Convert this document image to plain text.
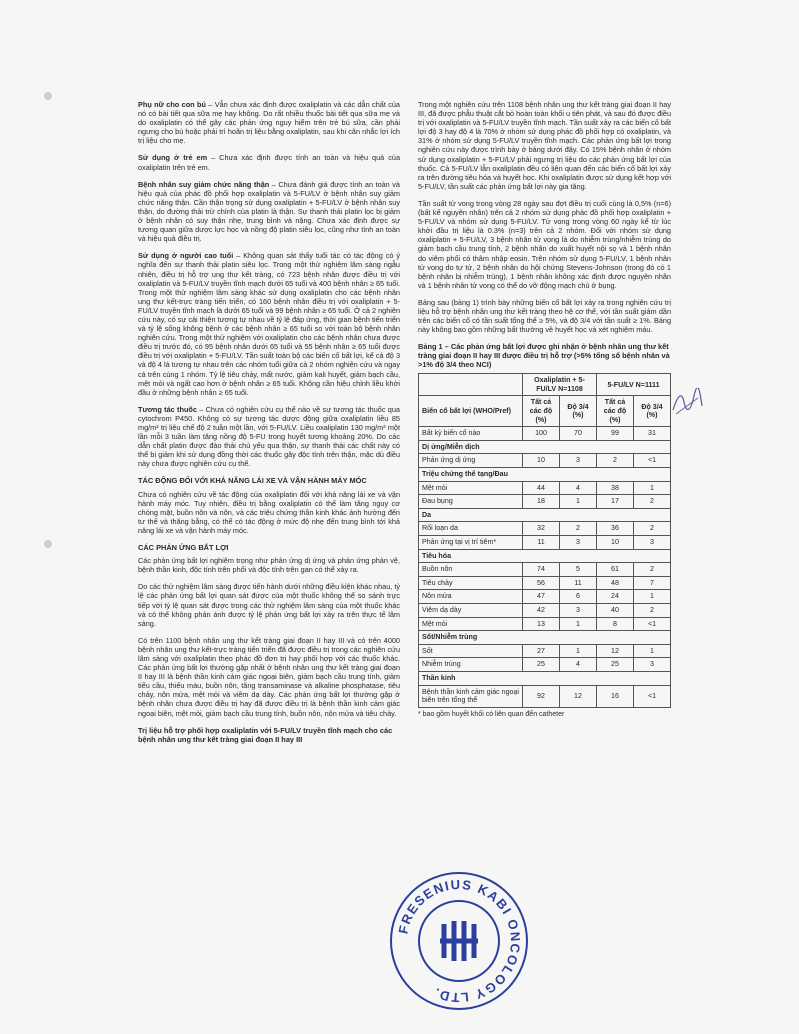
Phụ nữ cho con bú – Vẫn chưa xác định được oxaliplatin và các dẫn chất của nó có bài tiết qua sữa mẹ hay không. Do rất nhiều thuốc bài tiết qua sữa mẹ và do oxaliplatin có thể gây các phản ứng nguy hiểm trên trẻ bú sữa, cần phải ngưng cho bú hoặc phải trì hoãn trị liệu bằng oxaliplatin, sau khi cân nhắc lợi ích trị liệu cho mẹ.

Sử dụng ở trẻ em – Chưa xác định được tính an toàn và hiệu quả của oxaliplatin trên trẻ em.

Bệnh nhân suy giảm chức năng thận – Chưa đánh giá được tính an toàn và hiệu quả của phác đồ phối hợp oxaliplatin và 5-FU/LV ở bệnh nhân suy giảm chức năng thận. Cần thận trọng sử dụng oxaliplatin + 5-FU/LV ở bệnh nhân suy thận, do đường thải trừ chính của platin là thận. Sự thanh thải platin lọc bị giảm ở bệnh nhân có suy thận nhẹ, trung bình và nặng. Chưa xác định được sự tương quan giữa dược lực học và nồng độ platin siêu lọc, cũng như tính an toàn và hiệu quả điều trị.

Sử dụng ở người cao tuổi – Không quan sát thấy tuổi tác có tác động có ý nghĩa đến sự thanh thải platin siêu lọc. Trong một thử nghiệm lâm sàng ngẫu nhiên, điều trị hỗ trợ ung thư kết tràng, có 723 bệnh nhân được điều trị với oxaliplatin và 5-FU/LV truyền tĩnh mạch dưới 65 tuổi và 400 bệnh nhân ≥ 65 tuổi. Trong một thử nghiệm lâm sàng khác sử dụng oxaliplatin cho các bệnh nhân ung thư kết-trực tràng tiến triển, có 160 bệnh nhân điều trị với oxaliplatin + 5-FU/LV truyền tĩnh mạch là dưới 65 tuổi và 99 bệnh nhân ≥ 65 tuổi. Ở cả 2 nghiên cứu này, có sự cải thiện tương tự nhau về tỷ lệ đáp ứng, thời gian bệnh tiến triển và tỷ lệ sống không bệnh ở các bệnh nhân ≥ 65 tuổi so với toàn bộ bệnh nhân nghiên cứu. Trong một thử nghiệm với oxaliplatin cho các bệnh nhân chưa được điều trị trước đó, có 95 bệnh nhân dưới 65 tuổi và 55 bệnh nhân ≥ 65 tuổi được điều trị với oxaliplatin + 5-FU/LV. Tần suất toàn bộ các biến cố bất lợi, kể cả độ 3 và độ 4 là tương tự nhau trên các nhóm tuổi giữa cả 2 nhóm nghiên cứu và ngay cả trên cùng 1 nhóm. Tỷ lệ tiêu chảy, mất nước, giảm kali huyết, giảm bạch cầu, mệt mỏi và ngất cao hơn ở bệnh nhân ≥ 65 tuổi. Không cần hiệu chỉnh liều khởi đầu ở những bệnh nhân ≥ 65 tuổi.

Tương tác thuốc – Chưa có nghiên cứu cụ thể nào về sự tương tác thuốc qua cytochrom P450. Không có sự tương tác dược động giữa oxaliplatin liều 85 mg/m² trị liệu chế độ 2 tuần một lần, với 5-FU/LV. Liều oxaliplatin 130 mg/m² một lần mỗi 3 tuần làm tăng nồng độ 5-FU trong huyết tương khoảng 20%. Do các dẫn chất platin được đào thải chủ yếu qua thận, sự thanh thải các chất này có thể bị giảm khi sử dụng đồng thời các thuốc gây độc tính trên thận, mặc dù điều này chưa được nghiên cứu cụ thể.

TÁC ĐỘNG ĐỐI VỚI KHẢ NĂNG LÁI XE VÀ VẬN HÀNH MÁY MÓC

Chưa có nghiên cứu về tác động của oxaliplatin đối với khả năng lái xe và vận hành máy móc. Tuy nhiên, điều trị bằng oxaliplatin có thể làm tăng nguy cơ chóng mặt, buồn nôn và nôn, và các triệu chứng thần kinh khác ảnh hưởng đến tư thế và thăng bằng, có thể có tác động ở mức độ nhẹ đến trung bình tới khả năng lái xe và vận hành máy móc.

CÁC PHẢN ỨNG BẤT LỢI

Các phản ứng bất lợi nghiêm trọng như phản ứng dị ứng và phản ứng phản vệ, bệnh thần kinh, độc tính trên phổi và độc tính trên gan có thể xảy ra.

Do các thử nghiệm lâm sàng được tiến hành dưới những điều kiện khác nhau, tỷ lệ các phản ứng bất lợi quan sát được của một thuốc không thể so sánh trực tiếp với tỷ lệ quan sát được trong các thử nghiệm lâm sàng của một thuốc khác và có thể không phản ánh được tỷ lệ phản ứng bất lợi xảy ra trên thực tế lâm sàng.

Có trên 1100 bệnh nhân ung thư kết tràng giai đoạn II hay III và có trên 4000 bệnh nhân ung thư kết-trực tràng tiến triển đã được điều trị trong các nghiên cứu lâm sàng với oxaliplatin theo phác đồ đơn trị hay phối hợp với các thuốc khác. Các phản ứng bất lợi thường gặp nhất ở bệnh nhân ung thư kết tràng giai đoạn II hay III là bệnh thần kinh cảm giác ngoại biên, giảm bạch cầu trung tính, giảm tiểu cầu, thiếu máu, buồn nôn, tăng transaminase và alkaline phosphatase, tiêu chảy, nôn mửa, mệt mỏi và viêm dạ dày. Các phản ứng bất lợi thường gặp ở bệnh nhân chưa được điều trị hay đã được điều trị là bệnh thần kinh cảm giác ngoại biên, mệt mỏi, giảm bạch cầu trung tính, buồn nôn, nôn mửa và tiêu chảy.

Trị liệu hỗ trợ phối hợp oxaliplatin với 5-FU/LV truyền tĩnh mạch cho các bệnh nhân ung thư kết tràng giai đoạn II hay III

Trong một nghiên cứu trên 1108 bệnh nhân ung thư kết tràng giai đoạn II hay III, đã được phẫu thuật cắt bỏ hoàn toàn khối u tiên phát, và sau đó được điều trị với oxaliplatin và 5-FU/LV truyền tĩnh mạch. Tần suất xảy ra các biến cố bất lợi độ 3 hay độ 4 là 70% ở nhóm sử dụng phác đồ phối hợp có oxaliplatin, và 31% ở nhóm sử dụng 5-FU/LV truyền tĩnh mạch. Các phản ứng bất lợi trong nghiên cứu này được trình bày ở bảng dưới đây. Có 15% bệnh nhân ở nhóm sử dụng oxaliplatin + 5-FU/LV phải ngưng trị liệu do các phản ứng bất lợi của thuốc. Cả 5-FU/LV lẫn oxaliplatin đều có liên quan đến các biến cố bất lợi xảy ra trên đường tiêu hóa và huyết học. Khi oxaliplatin được sử dụng kết hợp với 5-FU/LV, tần suất các phản ứng bất lợi này gia tăng.

Tần suất tử vong trong vòng 28 ngày sau đợt điều trị cuối cùng là 0,5% (n=6) (bất kể nguyên nhân) trên cả 2 nhóm sử dụng phác đồ phối hợp oxaliplatin + 5-FU/LV và nhóm sử dụng 5-FU/LV. Tử vong trong vòng 60 ngày kể từ lúc khởi đầu trị liệu là 0.3% (n=3) trên cả 2 nhóm. Đối với nhóm sử dụng oxaliplatin + 5-FU/LV, 3 bệnh nhân tử vong là do nhiễm trùng/nhiễm trùng do giảm bạch cầu trung tính, 2 bệnh nhân do xuất huyết nội sọ và 1 bệnh nhân do viêm phổi có thâm nhập eosin. Trên nhóm sử dụng 5-FU/LV, 1 bệnh nhân tử vong do tự tử, 2 bệnh nhân do hội chứng Stevens-Johnson (trong đó có 1 bệnh nhân bị nhiễm trùng), 1 bệnh nhân không xác định được nguyên nhân và 1 bệnh nhân tử vong có thể do vỡ động mạch chủ ở bụng.

Bảng sau (bảng 1) trình bày những biến cố bất lợi xảy ra trong nghiên cứu trị liệu hỗ trợ bệnh nhân ung thư kết tràng theo hệ cơ thể, với tần suất giảm dần trên các biến cố có tần suất tổng thể ≥ 5%, và độ 3/4 với tần suất ≥ 1%. Bảng này không bao gồm những bất thường về huyết học và xét nghiệm máu.

Bảng 1 – Các phản ứng bất lợi được ghi nhận ở bệnh nhân ung thư kết tràng giai đoạn II hay III được điều trị hỗ trợ (>5% tổng số bệnh nhân và >1% độ 3/4 theo NCI)
	Oxaliplatin + 5-FU/LV N=1108		5-FU/LV N=1111	
Biến cố bất lợi (WHO/Pref)	Tất cả các độ (%)	Độ 3/4 (%)	Tất cả các độ (%)	Độ 3/4 (%)
Bất kỳ biến cố nào	100	70	99	31
Dị ứng/Miễn dịch				
Phản ứng dị ứng	10	3	2	<1
Triệu chứng thể tạng/Đau				
Mệt mỏi	44	4	38	1
Đau bụng	18	1	17	2
Da				
Rối loạn da	32	2	36	2
Phản ứng tại vị trí tiêm*	11	3	10	3
Tiêu hóa				
Buồn nôn	74	5	61	2
Tiêu chảy	56	11	48	7
Nôn mửa	47	6	24	1
Viêm dạ dày	42	3	40	2
Mệt mỏi	13	1	8	<1
Sốt/Nhiễm trùng				
Sốt	27	1	12	1
Nhiễm trùng	25	4	25	3
Thần kinh				
Bệnh thần kinh cảm giác ngoại biên trên tổng thể	92	12	16	<1
* bao gồm huyết khối có liên quan đến catheter
FRESENIUS KABI ONCOLOGY LTD.
